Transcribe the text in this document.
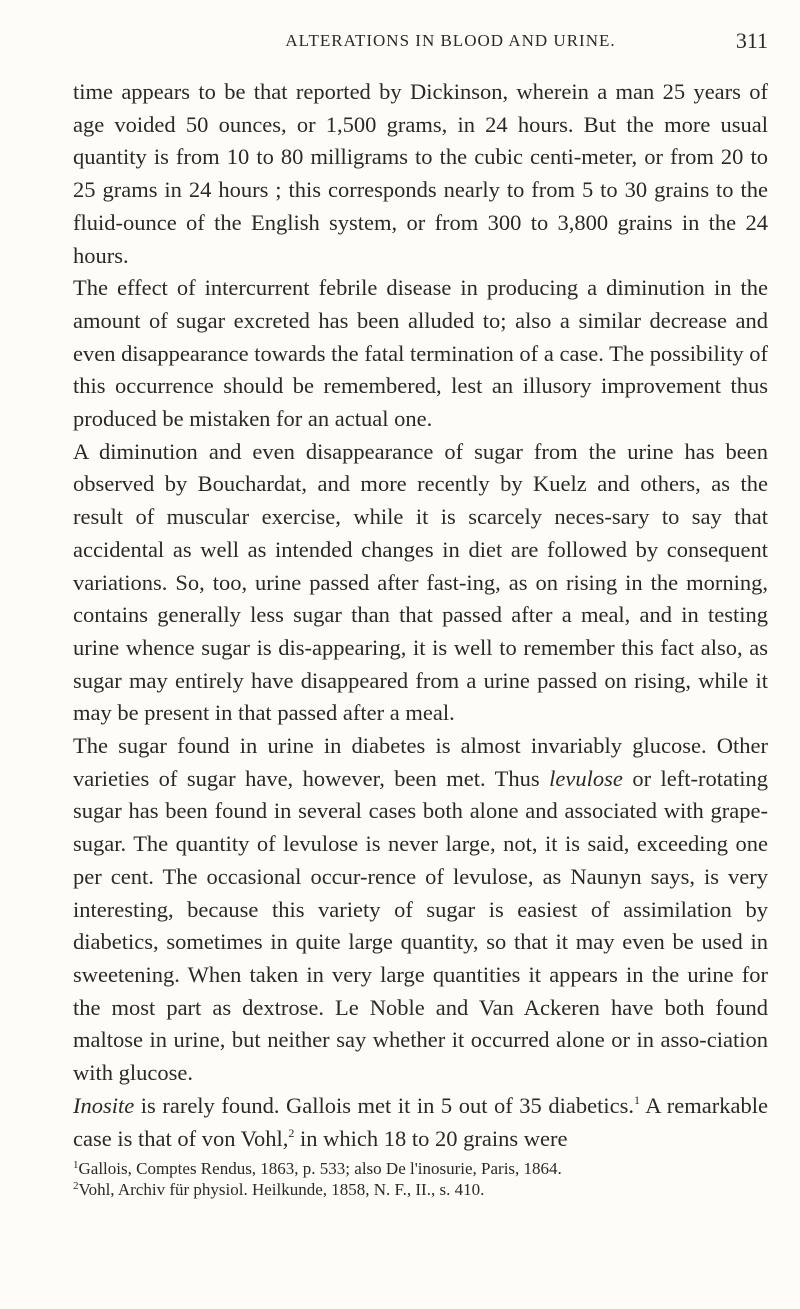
ALTERATIONS IN BLOOD AND URINE.	311

time appears to be that reported by Dickinson, wherein a man 25 years of age voided 50 ounces, or 1,500 grams, in 24 hours. But the more usual quantity is from 10 to 80 milligrams to the cubic centi-meter, or from 20 to 25 grams in 24 hours ; this corresponds nearly to from 5 to 30 grains to the fluid-ounce of the English system, or from 300 to 3,800 grains in the 24 hours.

The effect of intercurrent febrile disease in producing a diminution in the amount of sugar excreted has been alluded to; also a similar decrease and even disappearance towards the fatal termination of a case. The possibility of this occurrence should be remembered, lest an illusory improvement thus produced be mistaken for an actual one.

A diminution and even disappearance of sugar from the urine has been observed by Bouchardat, and more recently by Kuelz and others, as the result of muscular exercise, while it is scarcely neces-sary to say that accidental as well as intended changes in diet are followed by consequent variations. So, too, urine passed after fast-ing, as on rising in the morning, contains generally less sugar than that passed after a meal, and in testing urine whence sugar is dis-appearing, it is well to remember this fact also, as sugar may entirely have disappeared from a urine passed on rising, while it may be present in that passed after a meal.

The sugar found in urine in diabetes is almost invariably glucose. Other varieties of sugar have, however, been met. Thus levulose or left-rotating sugar has been found in several cases both alone and associated with grape-sugar. The quantity of levulose is never large, not, it is said, exceeding one per cent. The occasional occur-rence of levulose, as Naunyn says, is very interesting, because this variety of sugar is easiest of assimilation by diabetics, sometimes in quite large quantity, so that it may even be used in sweetening. When taken in very large quantities it appears in the urine for the most part as dextrose. Le Noble and Van Ackeren have both found maltose in urine, but neither say whether it occurred alone or in asso-ciation with glucose.

Inosite is rarely found. Gallois met it in 5 out of 35 diabetics.$^1$ A remarkable case is that of von Vohl,$^2$ in which 18 to 20 grains were

$^1$Gallois, Comptes Rendus, 1863, p. 533; also De l'inosurie, Paris, 1864.

$^2$Vohl, Archiv für physiol. Heilkunde, 1858, N. F., II., s. 410.
